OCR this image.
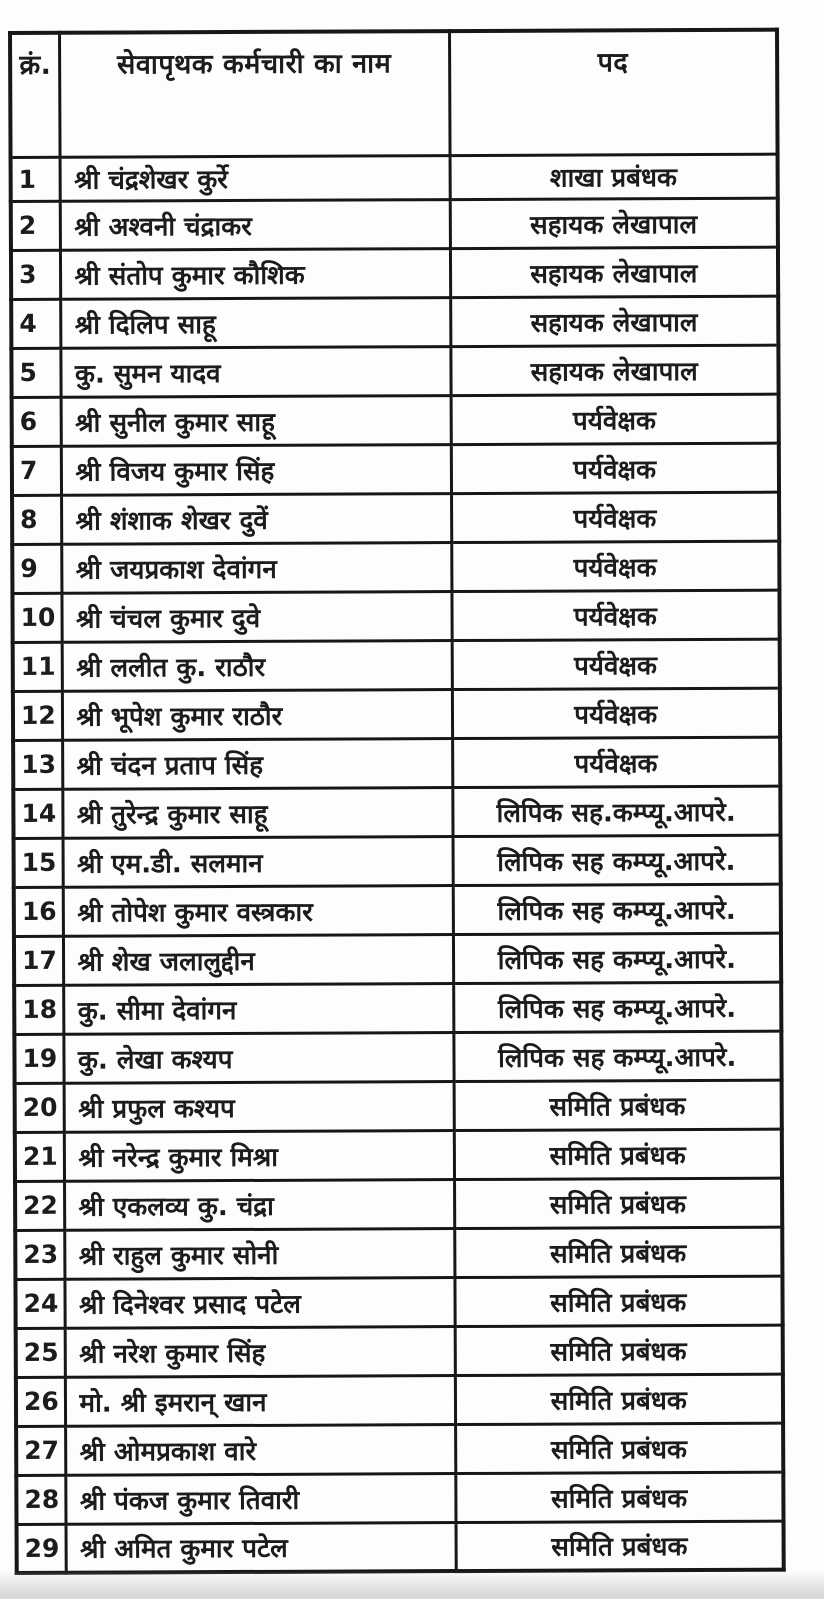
क्रं.	सेवापृथक कर्मचारी का नाम	पद
1	श्री चंद्रशेखर कुर्रे	शाखा प्रबंधक
2	श्री अश्वनी चंद्राकर	सहायक लेखापाल
3	श्री संतोप कुमार कौशिक	सहायक लेखापाल
4	श्री दिलिप साहू	सहायक लेखापाल
5	कु. सुमन यादव	सहायक लेखापाल
6	श्री सुनील कुमार साहू	पर्यवेक्षक
7	श्री विजय कुमार सिंह	पर्यवेक्षक
8	श्री शंशाक शेखर दुवें	पर्यवेक्षक
9	श्री जयप्रकाश देवांगन	पर्यवेक्षक
10	श्री चंचल कुमार दुवे	पर्यवेक्षक
11	श्री ललीत कु. राठौर	पर्यवेक्षक
12	श्री भूपेश कुमार राठौर	पर्यवेक्षक
13	श्री चंदन प्रताप सिंह	पर्यवेक्षक
14	श्री तुरेन्द्र कुमार साहू	लिपिक सह.कम्प्यू.आपरे.
15	श्री एम.डी. सलमान	लिपिक सह कम्प्यू.आपरे.
16	श्री तोपेश कुमार वस्त्रकार	लिपिक सह कम्प्यू.आपरे.
17	श्री शेख जलालुद्दीन	लिपिक सह कम्प्यू.आपरे.
18	कु. सीमा देवांगन	लिपिक सह कम्प्यू.आपरे.
19	कु. लेखा कश्यप	लिपिक सह कम्प्यू.आपरे.
20	श्री प्रफुल कश्यप	समिति प्रबंधक
21	श्री नरेन्द्र कुमार मिश्रा	समिति प्रबंधक
22	श्री एकलव्य कु. चंद्रा	समिति प्रबंधक
23	श्री राहुल कुमार सोनी	समिति प्रबंधक
24	श्री दिनेश्वर प्रसाद पटेल	समिति प्रबंधक
25	श्री नरेश कुमार सिंह	समिति प्रबंधक
26	मो. श्री इमरान् खान	समिति प्रबंधक
27	श्री ओमप्रकाश वारे	समिति प्रबंधक
28	श्री पंकज कुमार तिवारी	समिति प्रबंधक
29	श्री अमित कुमार पटेल	समिति प्रबंधक
